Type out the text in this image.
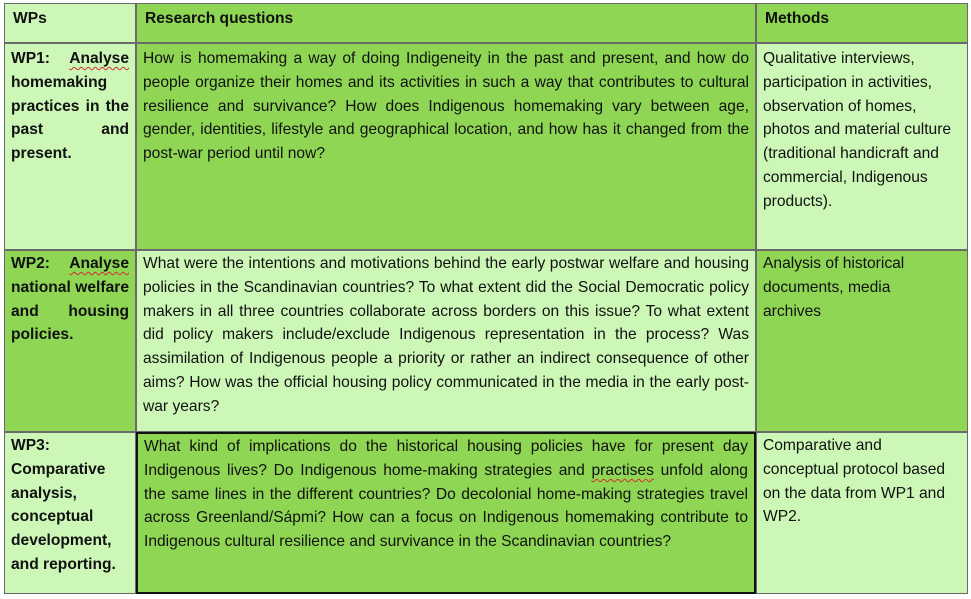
WPs	Research questions	Methods
WP1: Analyse homemaking practices in the past and present.
How is homemaking a way of doing Indigeneity in the past and present, and how do people organize their homes and its activities in such a way that contributes to cultural resilience and survivance? How does Indigenous homemaking vary between age, gender, identities, lifestyle and geographical location, and how has it changed from the post-war period until now?
Qualitative interviews, participation in activities, observation of homes, photos and material culture (traditional handicraft and commercial, Indigenous products).
WP2: Analyse national welfare and housing policies.
What were the intentions and motivations behind the early postwar welfare and housing policies in the Scandinavian countries? To what extent did the Social Democratic policy makers in all three countries collaborate across borders on this issue? To what extent did policy makers include/exclude Indigenous representation in the process? Was assimilation of Indigenous people a priority or rather an indirect consequence of other aims? How was the official housing policy communicated in the media in the early post-war years?
Analysis of historical documents, media archives
WP3:
Comparative analysis, conceptual development, and reporting.
What kind of implications do the historical housing policies have for present day Indigenous lives? Do Indigenous home-making strategies and practises unfold along the same lines in the different countries? Do decolonial home-making strategies travel across Greenland/Sápmi? How can a focus on Indigenous homemaking contribute to Indigenous cultural resilience and survivance in the Scandinavian countries?
Comparative and conceptual protocol based on the data from WP1 and WP2.
